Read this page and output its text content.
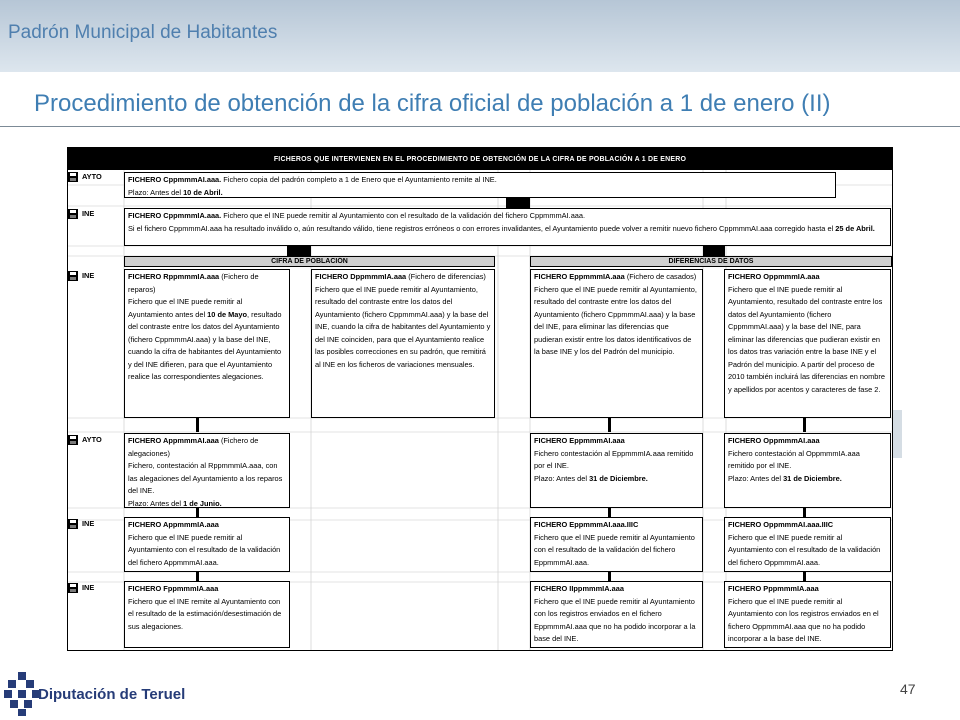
Padrón Municipal de Habitantes
Procedimiento de obtención de la cifra oficial de población a 1 de enero (II)
FICHEROS QUE INTERVIENEN EN EL PROCEDIMIENTO DE OBTENCIÓN DE LA CIFRA DE POBLACIÓN A 1 DE ENERO
CIFRA DE POBLACIÓN	DIFERENCIAS DE DATOS
AYTO
INE
INE
AYTO
INE
INE
FICHERO CppmmmAI.aaa. Fichero copia del padrón completo a 1 de Enero que el Ayuntamiento remite al INE.
Plazo: Antes del 10 de Abril.
FICHERO CppmmmIA.aaa. Fichero que el INE puede remitir al Ayuntamiento con el resultado de la validación del fichero CppmmmAI.aaa.
Si el fichero CppmmmAI.aaa ha resultado inválido o, aún resultando válido, tiene registros erróneos o con errores invalidantes, el Ayuntamiento puede volver a remitir nuevo fichero CppmmmAI.aaa corregido hasta el 25 de Abril.
FICHERO RppmmmIA.aaa (Fichero de reparos)
Fichero que el INE puede remitir al Ayuntamiento antes del 10 de Mayo, resultado del contraste entre los datos del Ayuntamiento (fichero CppmmmAI.aaa) y la base del INE, cuando la cifra de habitantes del Ayuntamiento y del INE difieren, para que el Ayuntamiento realice las correspondientes alegaciones.
FICHERO DppmmmIA.aaa (Fichero de diferencias)
Fichero que el INE puede remitir al Ayuntamiento, resultado del contraste entre los datos del Ayuntamiento (fichero CppmmmAI.aaa) y la base del INE, cuando la cifra de habitantes del Ayuntamiento y del INE coinciden, para que el Ayuntamiento realice las posibles correcciones en su padrón, que remitirá al INE en los ficheros de variaciones mensuales.
FICHERO EppmmmIA.aaa (Fichero de casados)
Fichero que el INE puede remitir al Ayuntamiento, resultado del contraste entre los datos del Ayuntamiento (fichero CppmmmAI.aaa) y la base del INE, para eliminar las diferencias que pudieran existir entre los datos identificativos de la base INE y los del Padrón del municipio.
FICHERO OppmmmIA.aaa
Fichero que el INE puede remitir al Ayuntamiento, resultado del contraste entre los datos del Ayuntamiento (fichero CppmmmAI.aaa) y la base del INE, para eliminar las diferencias que pudieran existir en los datos tras variación entre la base INE y el Padrón del municipio. A partir del proceso de 2010 también incluirá las diferencias en nombre y apellidos por acentos y caracteres de fase 2.
FICHERO AppmmmAI.aaa (Fichero de alegaciones)
Fichero, contestación al RppmmmIA.aaa, con las alegaciones del Ayuntamiento a los reparos del INE.
Plazo: Antes del 1 de Junio.
FICHERO EppmmmAI.aaa
Fichero contestación al EppmmmIA.aaa remitido por el INE.
Plazo: Antes del 31 de Diciembre.
FICHERO OppmmmAI.aaa
Fichero contestación al OppmmmIA.aaa remitido por el INE.
Plazo: Antes del 31 de Diciembre.
FICHERO AppmmmIA.aaa
Fichero que el INE puede remitir al Ayuntamiento con el resultado de la validación del fichero AppmmmAI.aaa.
FICHERO EppmmmAI.aaa.IIIC
Fichero que el INE puede remitir al Ayuntamiento con el resultado de la validación del fichero EppmmmAI.aaa.
FICHERO OppmmmAI.aaa.IIIC
Fichero que el INE puede remitir al Ayuntamiento con el resultado de la validación del fichero OppmmmAI.aaa.
FICHERO FppmmmIA.aaa
Fichero que el INE remite al Ayuntamiento con el resultado de la estimación/desestimación de sus alegaciones.
FICHERO IIppmmmIA.aaa
Fichero que el INE puede remitir al Ayuntamiento con los registros enviados en el fichero EppmmmAI.aaa que no ha podido incorporar a la base del INE.
FICHERO PppmmmIA.aaa
Fichero que el INE puede remitir al Ayuntamiento con los registros enviados en el fichero OppmmmAI.aaa que no ha podido incorporar a la base del INE.
Diputación de Teruel	47
